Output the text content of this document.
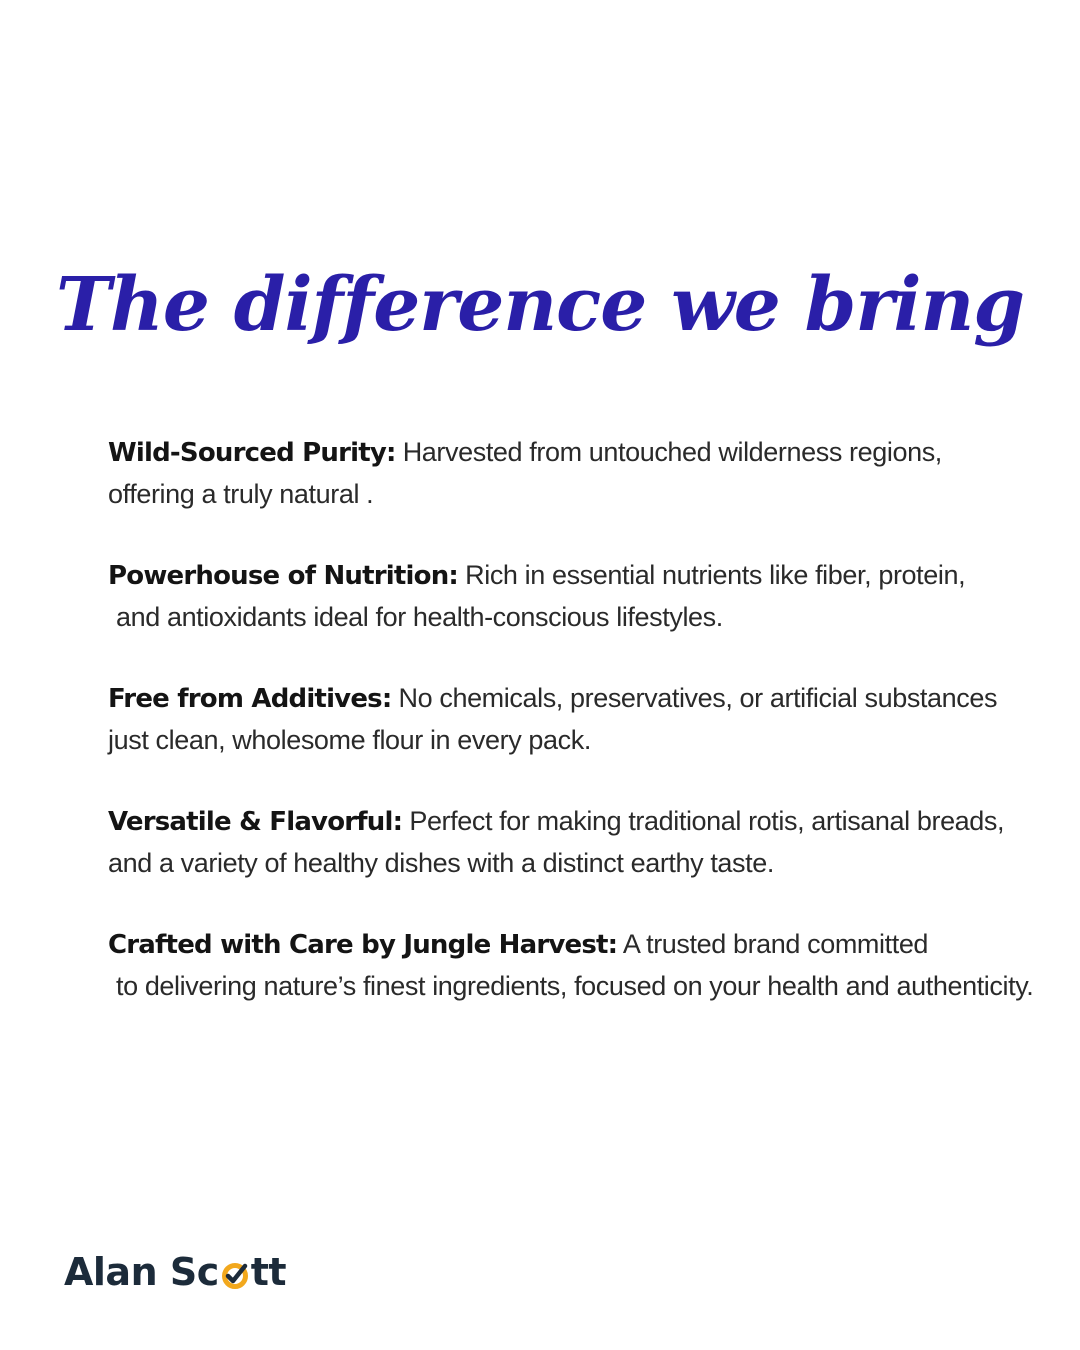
The difference we bring
Wild-Sourced Purity: Harvested from untouched wilderness regions,
offering a truly natural .
Powerhouse of Nutrition: Rich in essential nutrients like fiber, protein,
and antioxidants ideal for health-conscious lifestyles.
Free from Additives: No chemicals, preservatives, or artificial substances
just clean, wholesome flour in every pack.
Versatile & Flavorful: Perfect for making traditional rotis, artisanal breads,
and a variety of healthy dishes with a distinct earthy taste.
Crafted with Care by Jungle Harvest: A trusted brand committed
to delivering nature’s finest ingredients, focused on your health and authenticity.
Alan Sc tt
